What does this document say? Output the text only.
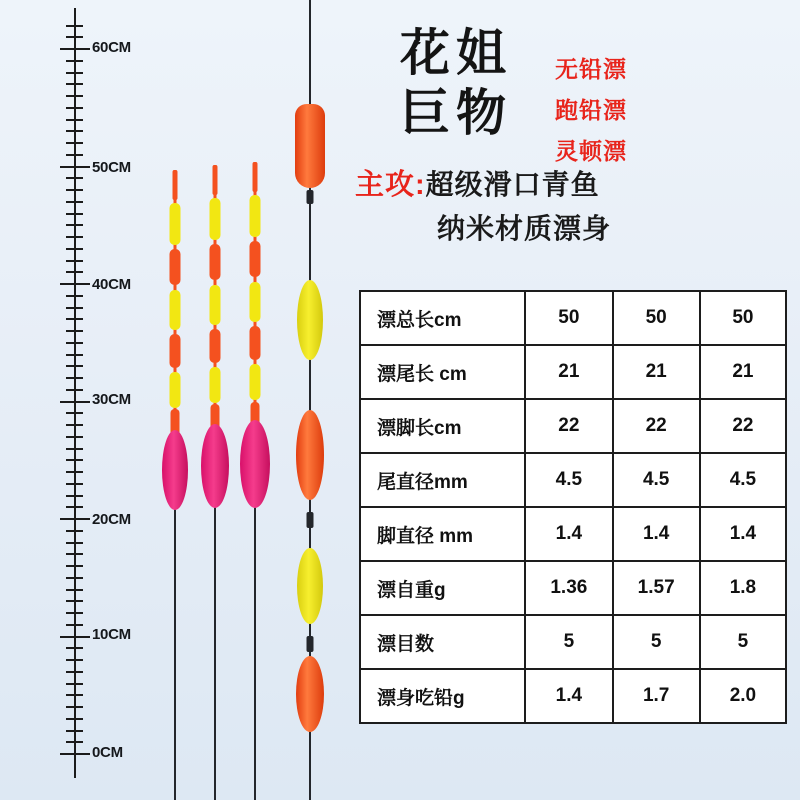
60CM
50CM
40CM
30CM
20CM
10CM
0CM
花姐
巨物
无铅漂
跑铅漂
灵顿漂
主攻:超级滑口青鱼
纳米材质漂身
漂总长cm	50	50	50
漂尾长 cm	21	21	21
漂脚长cm	22	22	22
尾直径mm	4.5	4.5	4.5
脚直径 mm	1.4	1.4	1.4
漂自重g	1.36	1.57	1.8
漂目数	5	5	5
漂身吃铅g	1.4	1.7	2.0
